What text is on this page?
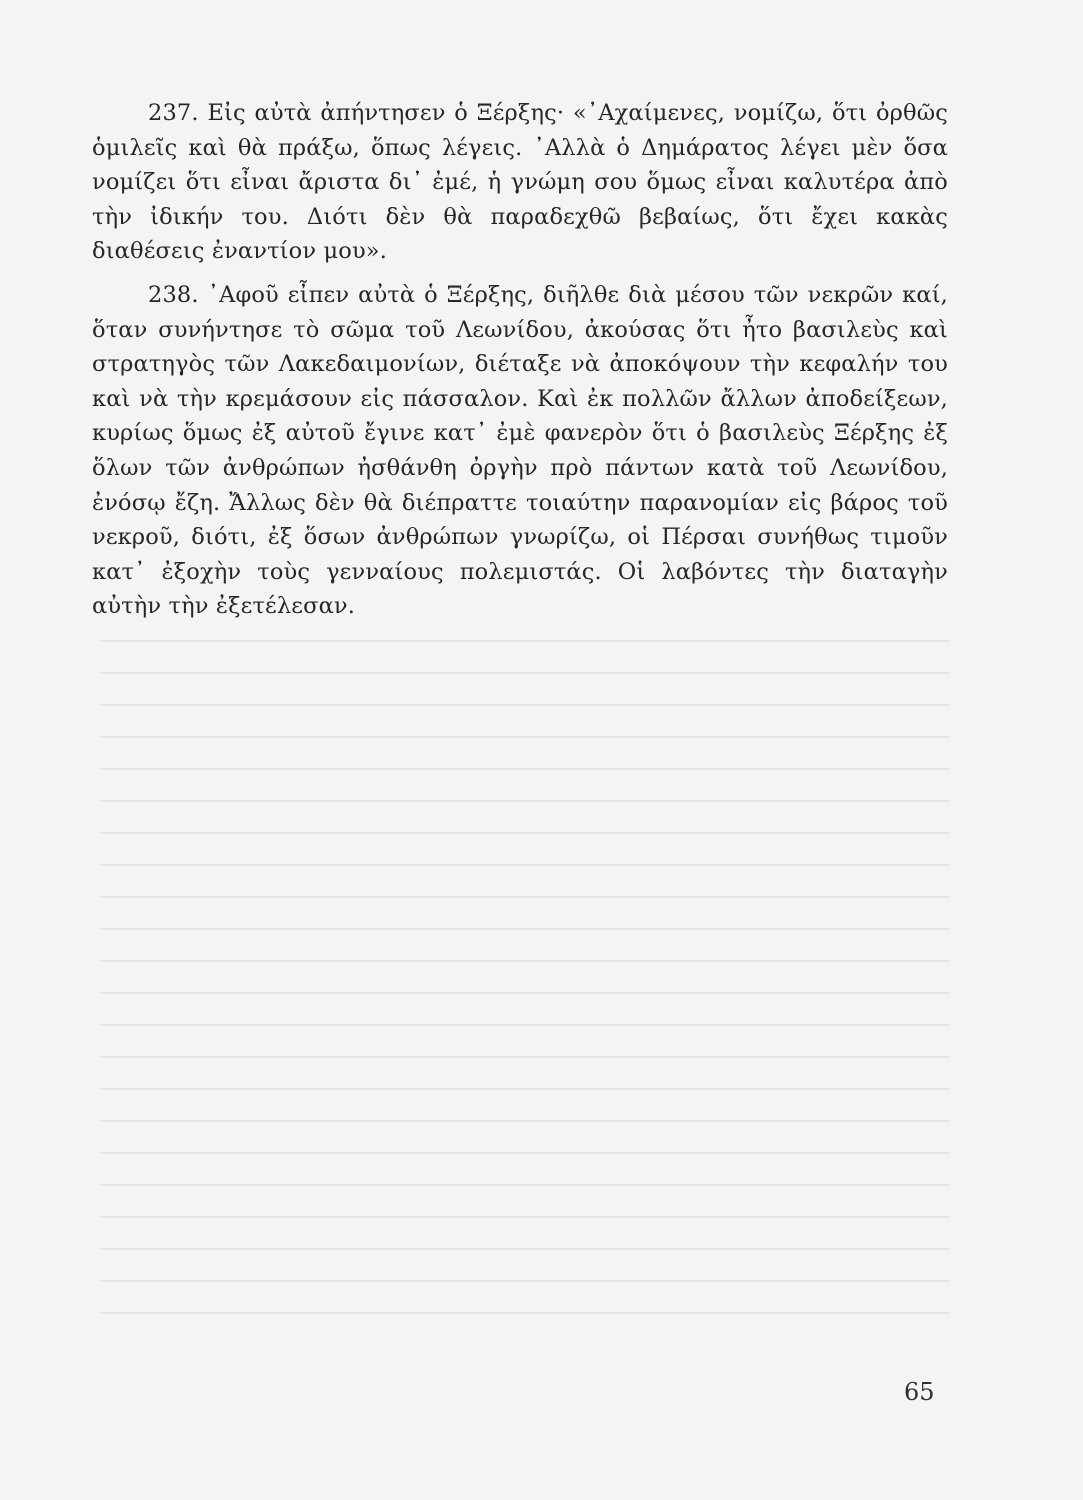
237. Εἰς αὐτὰ ἀπήντησεν ὁ Ξέρξης· «᾿Αχαίμενες, νομίζω, ὅτι ὀρθῶς ὁμιλεῖς καὶ θὰ πράξω, ὅπως λέγεις. ᾿Αλλὰ ὁ Δημάρατος λέγει μὲν ὅσα νομίζει ὅτι εἶναι ἄριστα δι᾿ ἐμέ, ἡ γνώμη σου ὅμως εἶναι καλυτέρα ἀπὸ τὴν ἰδικήν του. Διότι δὲν θὰ παραδεχθῶ βεβαίως, ὅτι ἔχει κακὰς διαθέσεις ἐναντίον μου».

238. ᾿Αφοῦ εἶπεν αὐτὰ ὁ Ξέρξης, διῆλθε διὰ μέσου τῶν νεκρῶν καί, ὅταν συνήντησε τὸ σῶμα τοῦ Λεωνίδου, ἀκούσας ὅτι ἦτο βασιλεὺς καὶ στρατηγὸς τῶν Λακεδαιμονίων, διέταξε νὰ ἀποκόψουν τὴν κεφαλήν του καὶ νὰ τὴν κρεμάσουν εἰς πάσσαλον. Καὶ ἐκ πολλῶν ἄλλων ἀποδείξεων, κυρίως ὅμως ἐξ αὐτοῦ ἔγινε κατ᾿ ἐμὲ φανερὸν ὅτι ὁ βασιλεὺς Ξέρξης ἐξ ὅλων τῶν ἀνθρώπων ἠσθάνθη ὀργὴν πρὸ πάντων κατὰ τοῦ Λεωνίδου, ἐνόσῳ ἔζη. Ἄλλως δὲν θὰ διέπραττε τοιαύτην παρανομίαν εἰς βάρος τοῦ νεκροῦ, διότι, ἐξ ὅσων ἀνθρώπων γνωρίζω, οἱ Πέρσαι συνήθως τιμοῦν κατ᾿ ἐξοχὴν τοὺς γενναίους πολεμιστάς. Οἱ λαβόντες τὴν διαταγὴν αὐτὴν τὴν ἐξετέλεσαν.

65
